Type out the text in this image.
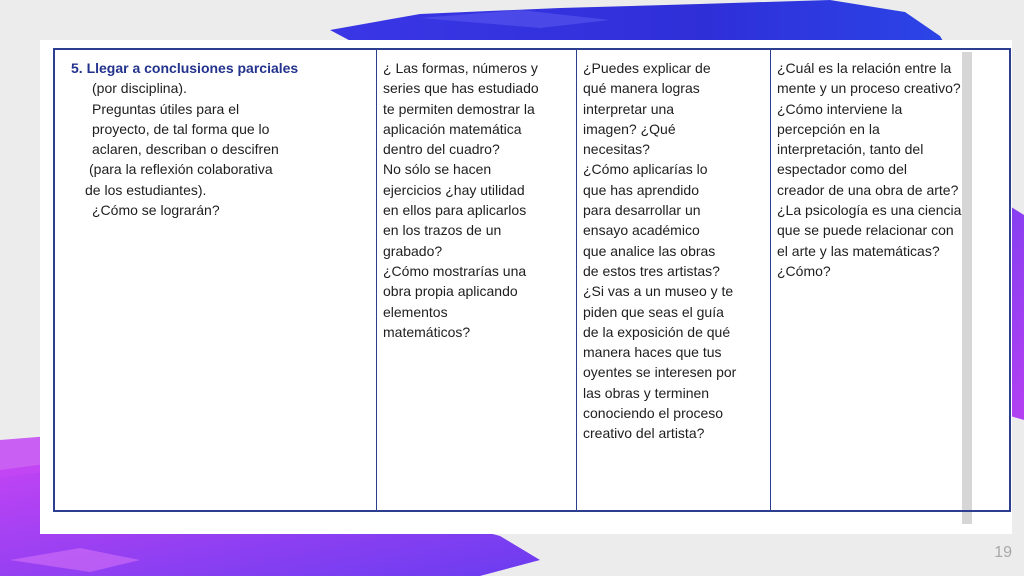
5. Llegar a conclusiones parciales
(por disciplina).
Preguntas útiles para el
proyecto, de tal forma que lo
aclaren, describan o descifren
(para la reflexión colaborativa
de los estudiantes).
¿Cómo se lograrán?

¿ Las formas, números y
series que has estudiado
te permiten demostrar la
aplicación matemática
dentro del cuadro?
No sólo se hacen
ejercicios ¿hay utilidad
en ellos para aplicarlos
en los trazos de un
grabado?
¿Cómo mostrarías una
obra propia aplicando
elementos
matemáticos?

¿Puedes explicar de
qué manera logras
interpretar una
imagen? ¿Qué
necesitas?
¿Cómo aplicarías lo
que has aprendido
para desarrollar un
ensayo académico
que analice las obras
de estos tres artistas?
¿Si vas a un museo y te
piden que seas el guía
de la exposición de qué
manera haces que tus
oyentes se interesen por
las obras y terminen
conociendo el proceso
creativo del artista?

¿Cuál es la relación entre la
mente y un proceso creativo?
¿Cómo interviene la
percepción en la
interpretación, tanto del
espectador como del
creador de una obra de arte?
¿La psicología es una ciencia
que se puede relacionar con
el arte y las matemáticas?
¿Cómo?
19
